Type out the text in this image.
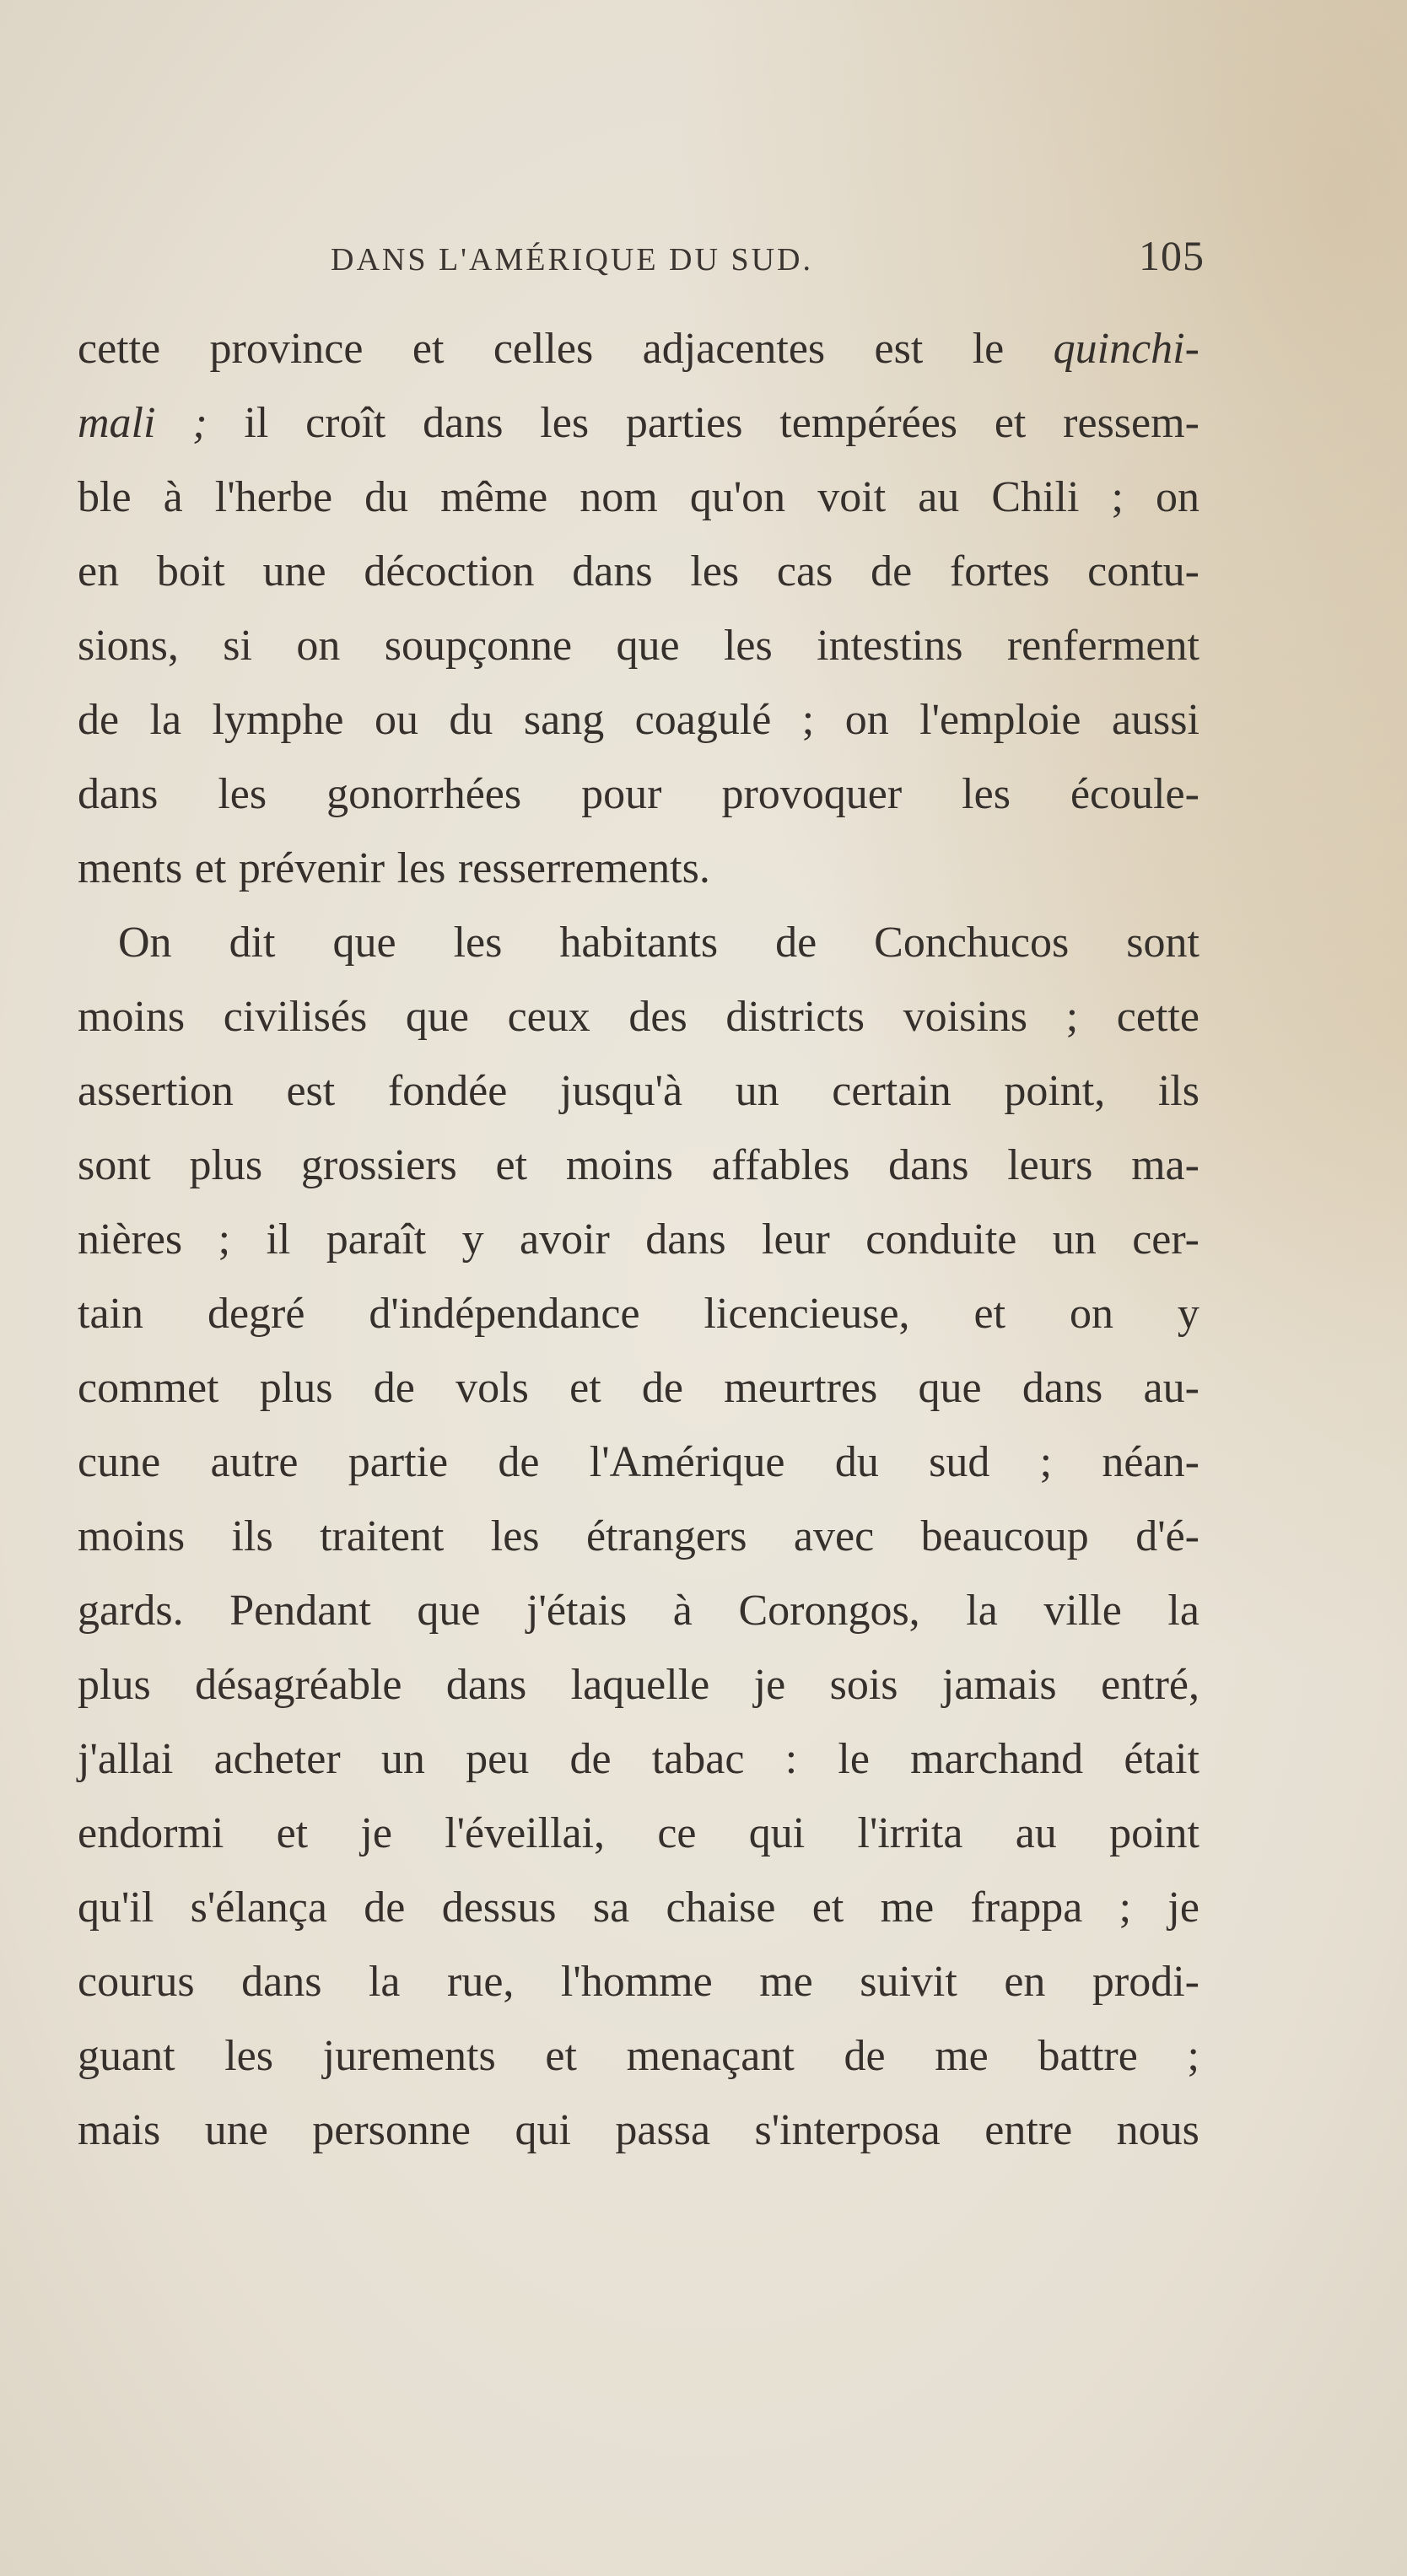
DANS L'AMÉRIQUE DU SUD.	105
cette province et celles adjacentes est le quinchi-
mali ; il croît dans les parties tempérées et ressem-
ble à l'herbe du même nom qu'on voit au Chili ; on
en boit une décoction dans les cas de fortes contu-
sions, si on soupçonne que les intestins renferment
de la lymphe ou du sang coagulé ; on l'emploie aussi
dans les gonorrhées pour provoquer les écoule-
ments et prévenir les resserrements.
On dit que les habitants de Conchucos sont
moins civilisés que ceux des districts voisins ; cette
assertion est fondée jusqu'à un certain point, ils
sont plus grossiers et moins affables dans leurs ma-
nières ; il paraît y avoir dans leur conduite un cer-
tain degré d'indépendance licencieuse, et on y
commet plus de vols et de meurtres que dans au-
cune autre partie de l'Amérique du sud ; néan-
moins ils traitent les étrangers avec beaucoup d'é-
gards. Pendant que j'étais à Corongos, la ville la
plus désagréable dans laquelle je sois jamais entré,
j'allai acheter un peu de tabac : le marchand était
endormi et je l'éveillai, ce qui l'irrita au point
qu'il s'élança de dessus sa chaise et me frappa ; je
courus dans la rue, l'homme me suivit en prodi-
guant les jurements et menaçant de me battre ;
mais une personne qui passa s'interposa entre nous
